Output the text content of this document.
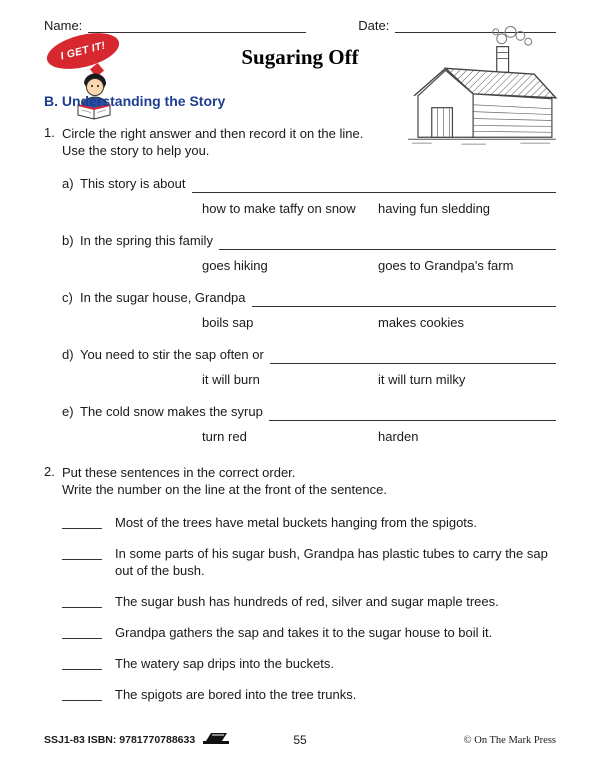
Name:	Date:
I GET IT!	Sugaring Off
B. Understanding the Story
1. Circle the right answer and then record it on the line.
Use the story to help you.
a) This story is about
how to make taffy on snow	having fun sledding
b) In the spring this family
goes hiking	goes to Grandpa's farm
c) In the sugar house, Grandpa
boils sap	makes cookies
d) You need to stir the sap often or
it will burn	it will turn milky
e) The cold snow makes the syrup
turn red	harden
2. Put these sentences in the correct order.
Write the number on the line at the front of the sentence.
Most of the trees have metal buckets hanging from the spigots.
In some parts of his sugar bush, Grandpa has plastic tubes to carry the sap out of the bush.
The sugar bush has hundreds of red, silver and sugar maple trees.
Grandpa gathers the sap and takes it to the sugar house to boil it.
The watery sap drips into the buckets.
The spigots are bored into the tree trunks.
55
SSJ1-83 ISBN: 9781770788633	© On The Mark Press
